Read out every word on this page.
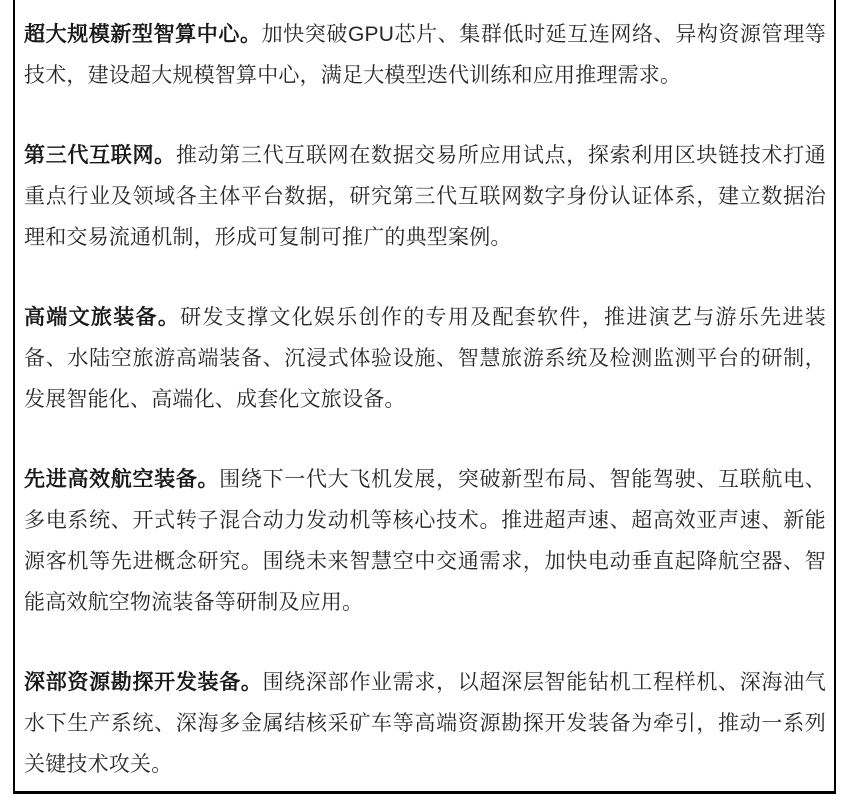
超大规模新型智算中心。加快突破GPU芯片、集群低时延互连网络、异构资源管理等技术，建设超大规模智算中心，满足大模型迭代训练和应用推理需求。

第三代互联网。推动第三代互联网在数据交易所应用试点，探索利用区块链技术打通重点行业及领域各主体平台数据，研究第三代互联网数字身份认证体系，建立数据治理和交易流通机制，形成可复制可推广的典型案例。

高端文旅装备。研发支撑文化娱乐创作的专用及配套软件，推进演艺与游乐先进装备、水陆空旅游高端装备、沉浸式体验设施、智慧旅游系统及检测监测平台的研制，发展智能化、高端化、成套化文旅设备。

先进高效航空装备。围绕下一代大飞机发展，突破新型布局、智能驾驶、互联航电、多电系统、开式转子混合动力发动机等核心技术。推进超声速、超高效亚声速、新能源客机等先进概念研究。围绕未来智慧空中交通需求，加快电动垂直起降航空器、智能高效航空物流装备等研制及应用。

深部资源勘探开发装备。围绕深部作业需求，以超深层智能钻机工程样机、深海油气水下生产系统、深海多金属结核采矿车等高端资源勘探开发装备为牵引，推动一系列关键技术攻关。
